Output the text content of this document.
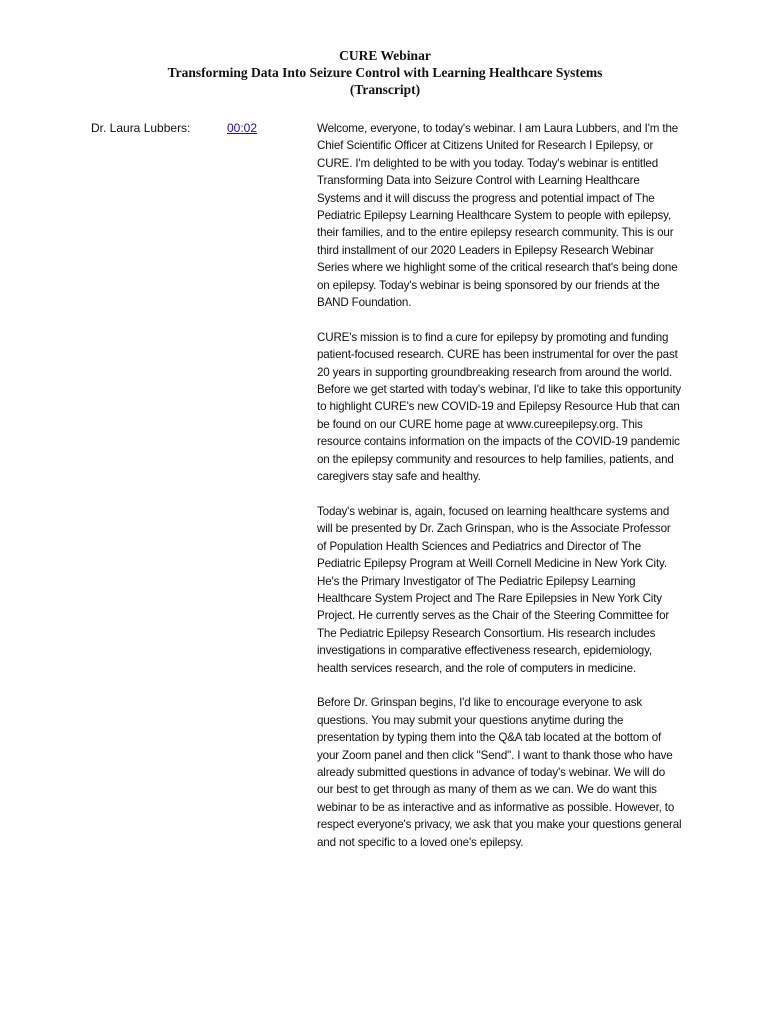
CURE Webinar
Transforming Data Into Seizure Control with Learning Healthcare Systems
(Transcript)
Dr. Laura Lubbers:	00:02	Welcome, everyone, to today's webinar. I am Laura Lubbers, and I'm the Chief Scientific Officer at Citizens United for Research I Epilepsy, or CURE. I'm delighted to be with you today. Today's webinar is entitled Transforming Data into Seizure Control with Learning Healthcare Systems and it will discuss the progress and potential impact of The Pediatric Epilepsy Learning Healthcare System to people with epilepsy, their families, and to the entire epilepsy research community. This is our third installment of our 2020 Leaders in Epilepsy Research Webinar Series where we highlight some of the critical research that's being done on epilepsy. Today's webinar is being sponsored by our friends at the BAND Foundation.

CURE's mission is to find a cure for epilepsy by promoting and funding patient-focused research. CURE has been instrumental for over the past 20 years in supporting groundbreaking research from around the world. Before we get started with today's webinar, I'd like to take this opportunity to highlight CURE's new COVID-19 and Epilepsy Resource Hub that can be found on our CURE home page at www.cureepilepsy.org. This resource contains information on the impacts of the COVID-19 pandemic on the epilepsy community and resources to help families, patients, and caregivers stay safe and healthy.

Today's webinar is, again, focused on learning healthcare systems and will be presented by Dr. Zach Grinspan, who is the Associate Professor of Population Health Sciences and Pediatrics and Director of The Pediatric Epilepsy Program at Weill Cornell Medicine in New York City. He's the Primary Investigator of The Pediatric Epilepsy Learning Healthcare System Project and The Rare Epilepsies in New York City Project. He currently serves as the Chair of the Steering Committee for The Pediatric Epilepsy Research Consortium. His research includes investigations in comparative effectiveness research, epidemiology, health services research, and the role of computers in medicine.

Before Dr. Grinspan begins, I'd like to encourage everyone to ask questions. You may submit your questions anytime during the presentation by typing them into the Q&A tab located at the bottom of your Zoom panel and then click "Send". I want to thank those who have already submitted questions in advance of today's webinar. We will do our best to get through as many of them as we can. We do want this webinar to be as interactive and as informative as possible. However, to respect everyone's privacy, we ask that you make your questions general and not specific to a loved one's epilepsy.
